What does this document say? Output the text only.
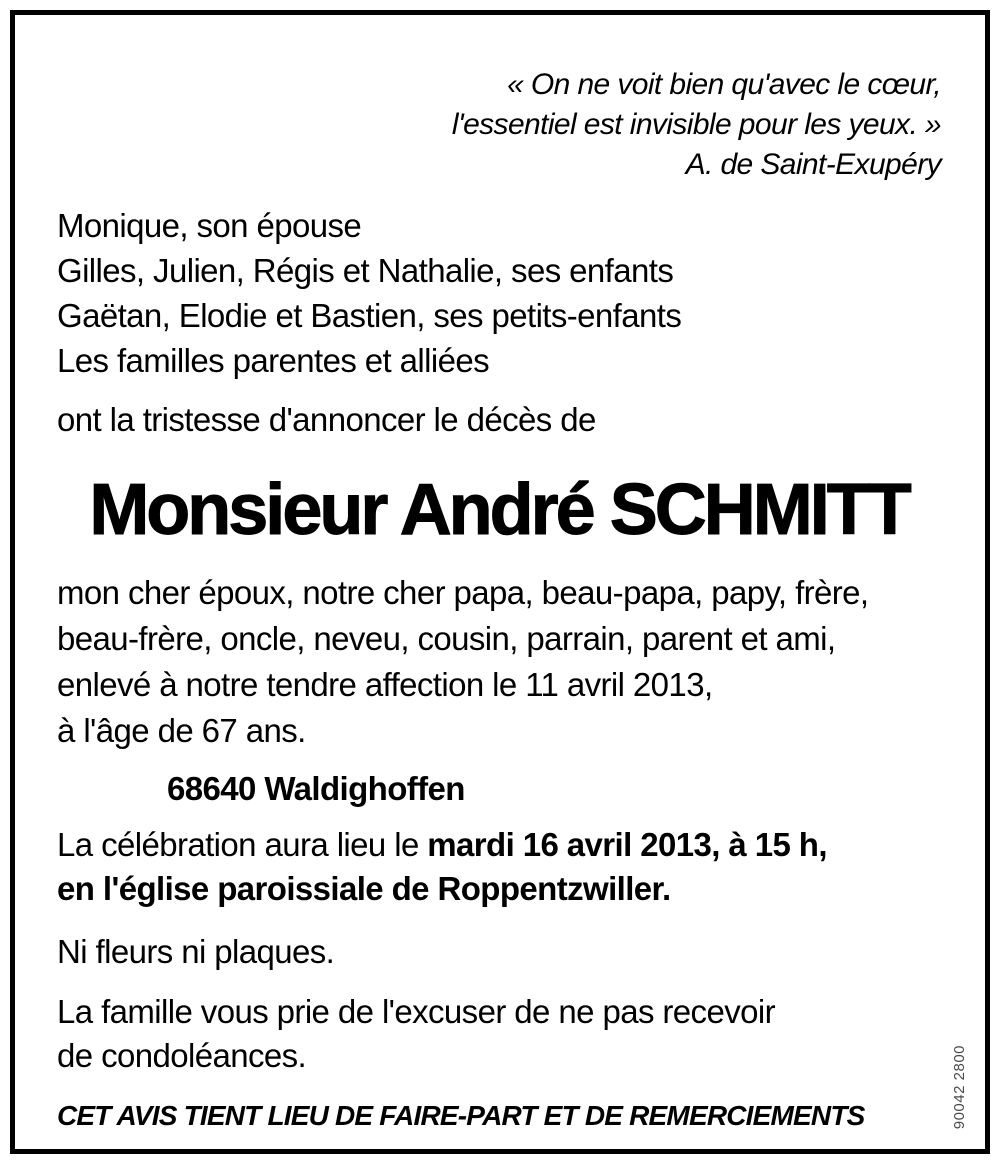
90042 2800
« On ne voit bien qu'avec le cœur,
l'essentiel est invisible pour les yeux. »
A. de Saint-Exupéry
Monique, son épouse
Gilles, Julien, Régis et Nathalie, ses enfants
Gaëtan, Elodie et Bastien, ses petits-enfants
Les familles parentes et alliées
ont la tristesse d'annoncer le décès de
Monsieur André SCHMITT
mon cher époux, notre cher papa, beau-papa, papy, frère,
beau-frère, oncle, neveu, cousin, parrain, parent et ami,
enlevé à notre tendre affection le 11 avril 2013,
à l'âge de 67 ans.
68640 Waldighoffen
La célébration aura lieu le mardi 16 avril 2013, à 15 h,
en l'église paroissiale de Roppentzwiller.
Ni fleurs ni plaques.
La famille vous prie de l'excuser de ne pas recevoir
de condoléances.
CET AVIS TIENT LIEU DE FAIRE-PART ET DE REMERCIEMENTS
